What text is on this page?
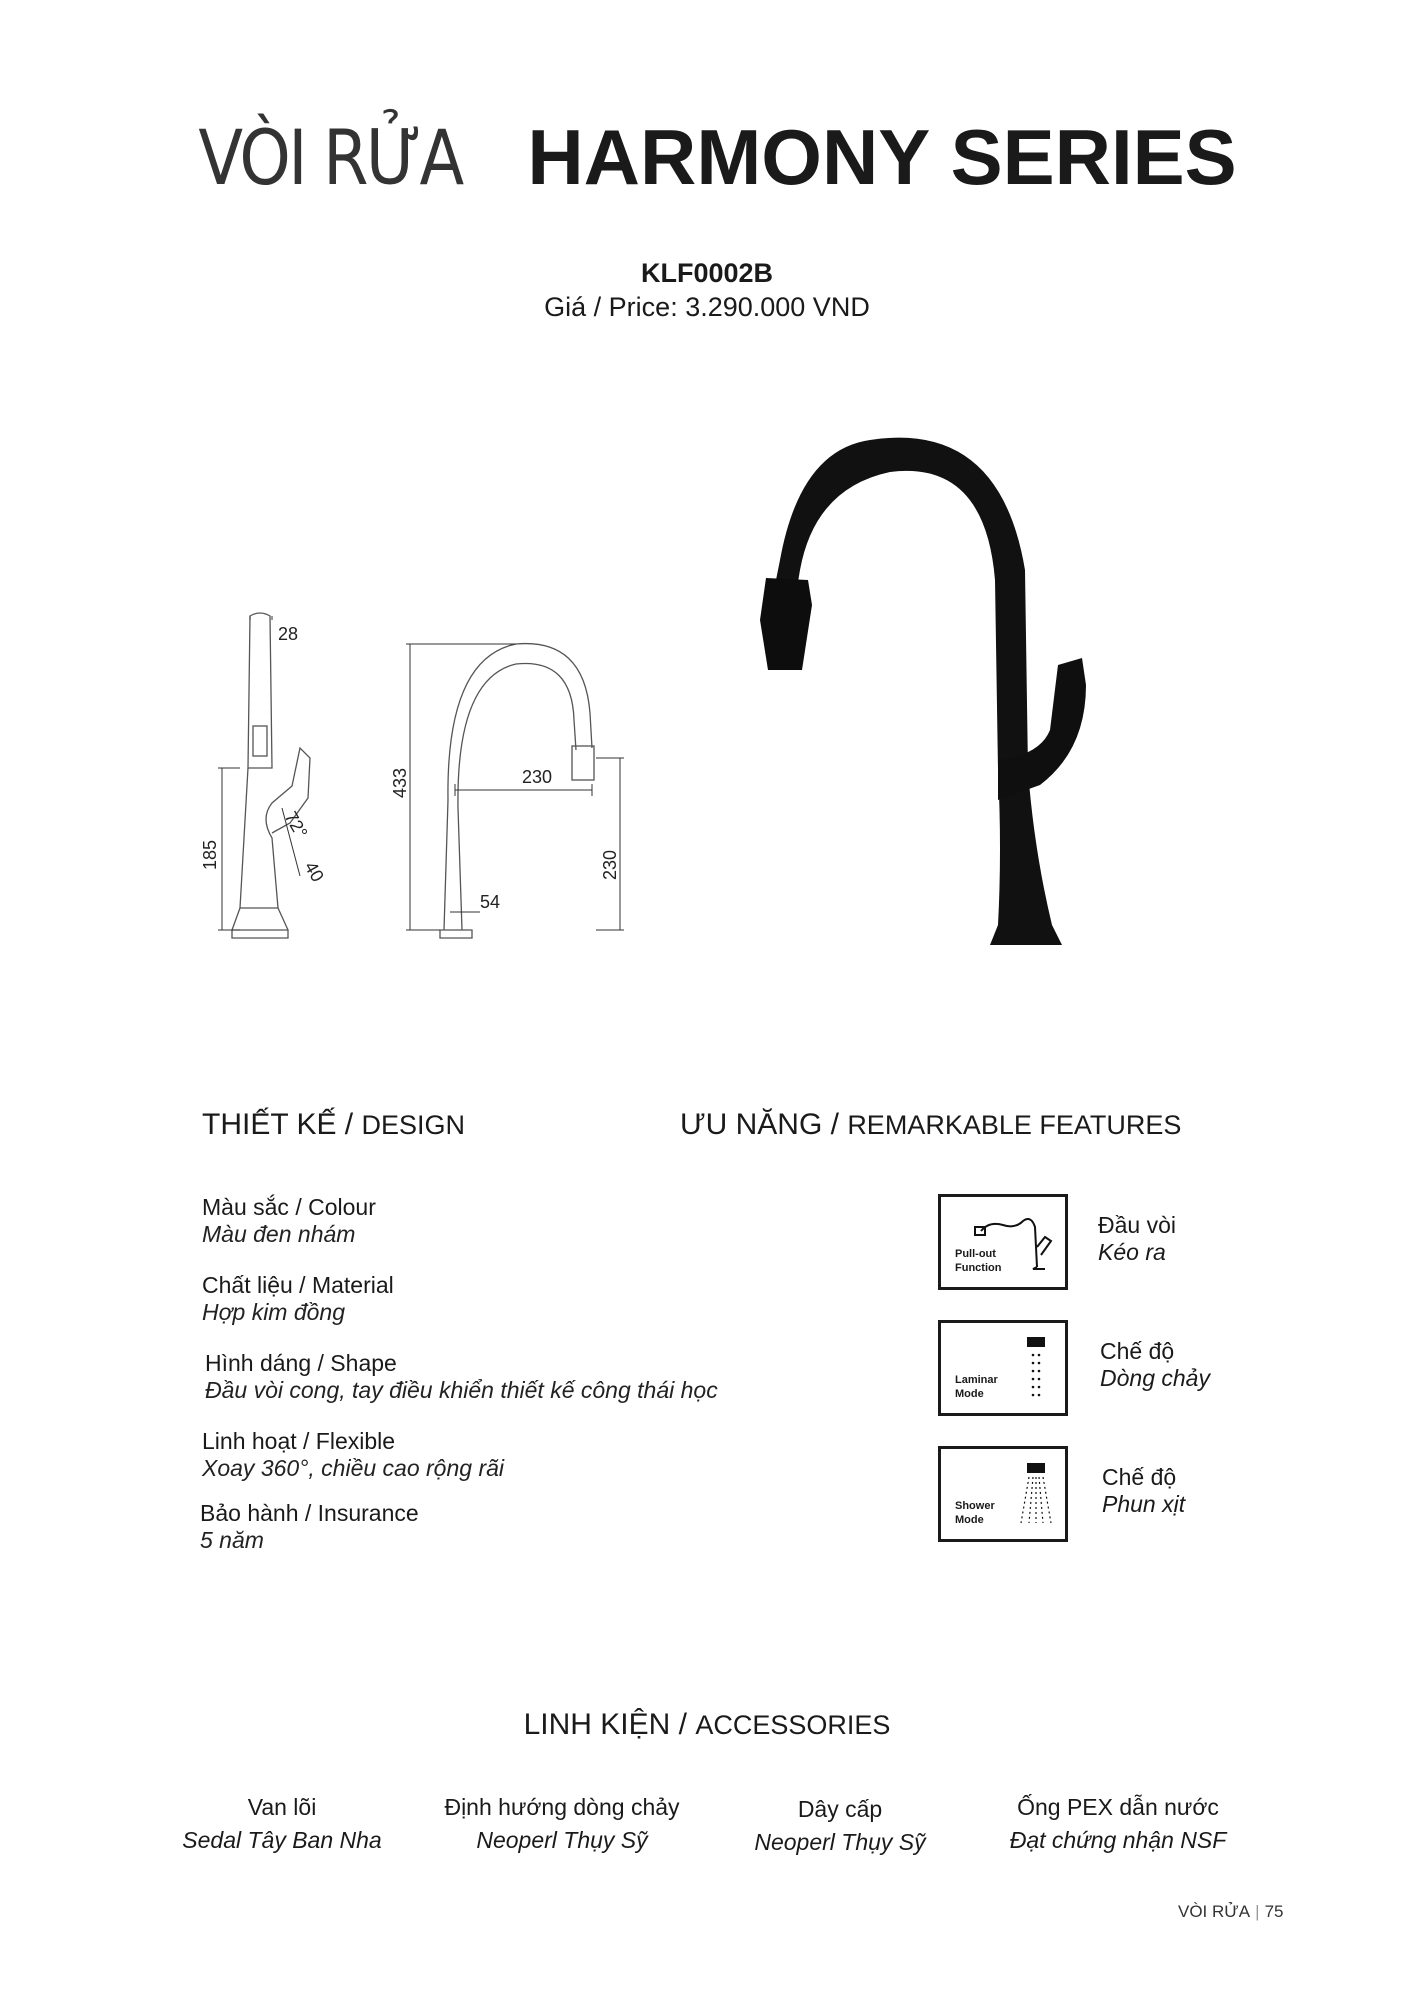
VÒI RỬA HARMONY SERIES
KLF0002B
Giá / Price: 3.290.000 VND
28
185
72°
40
433	230
230
54
THIẾT KẾ / DESIGN
Màu sắc / Colour
Màu đen nhám
Chất liệu / Material
Hợp kim đồng
Hình dáng / Shape
Đầu vòi cong, tay điều khiển thiết kế công thái học
Linh hoạt / Flexible
Xoay 360°, chiều cao rộng rãi
Bảo hành / Insurance
5 năm
ƯU NĂNG / REMARKABLE FEATURES
Pull-out
Function
Đầu vòi
Kéo ra
Laminar
Mode
Chế độ
Dòng chảy
Shower
Mode
Chế độ
Phun xịt
LINH KIỆN / ACCESSORIES
Van lõi
Sedal Tây Ban Nha
Định hướng dòng chảy
Neoperl Thụy Sỹ
Dây cấp
Neoperl Thụy Sỹ
Ống PEX dẫn nước
Đạt chứng nhận NSF
VÒI RỬA | 75
